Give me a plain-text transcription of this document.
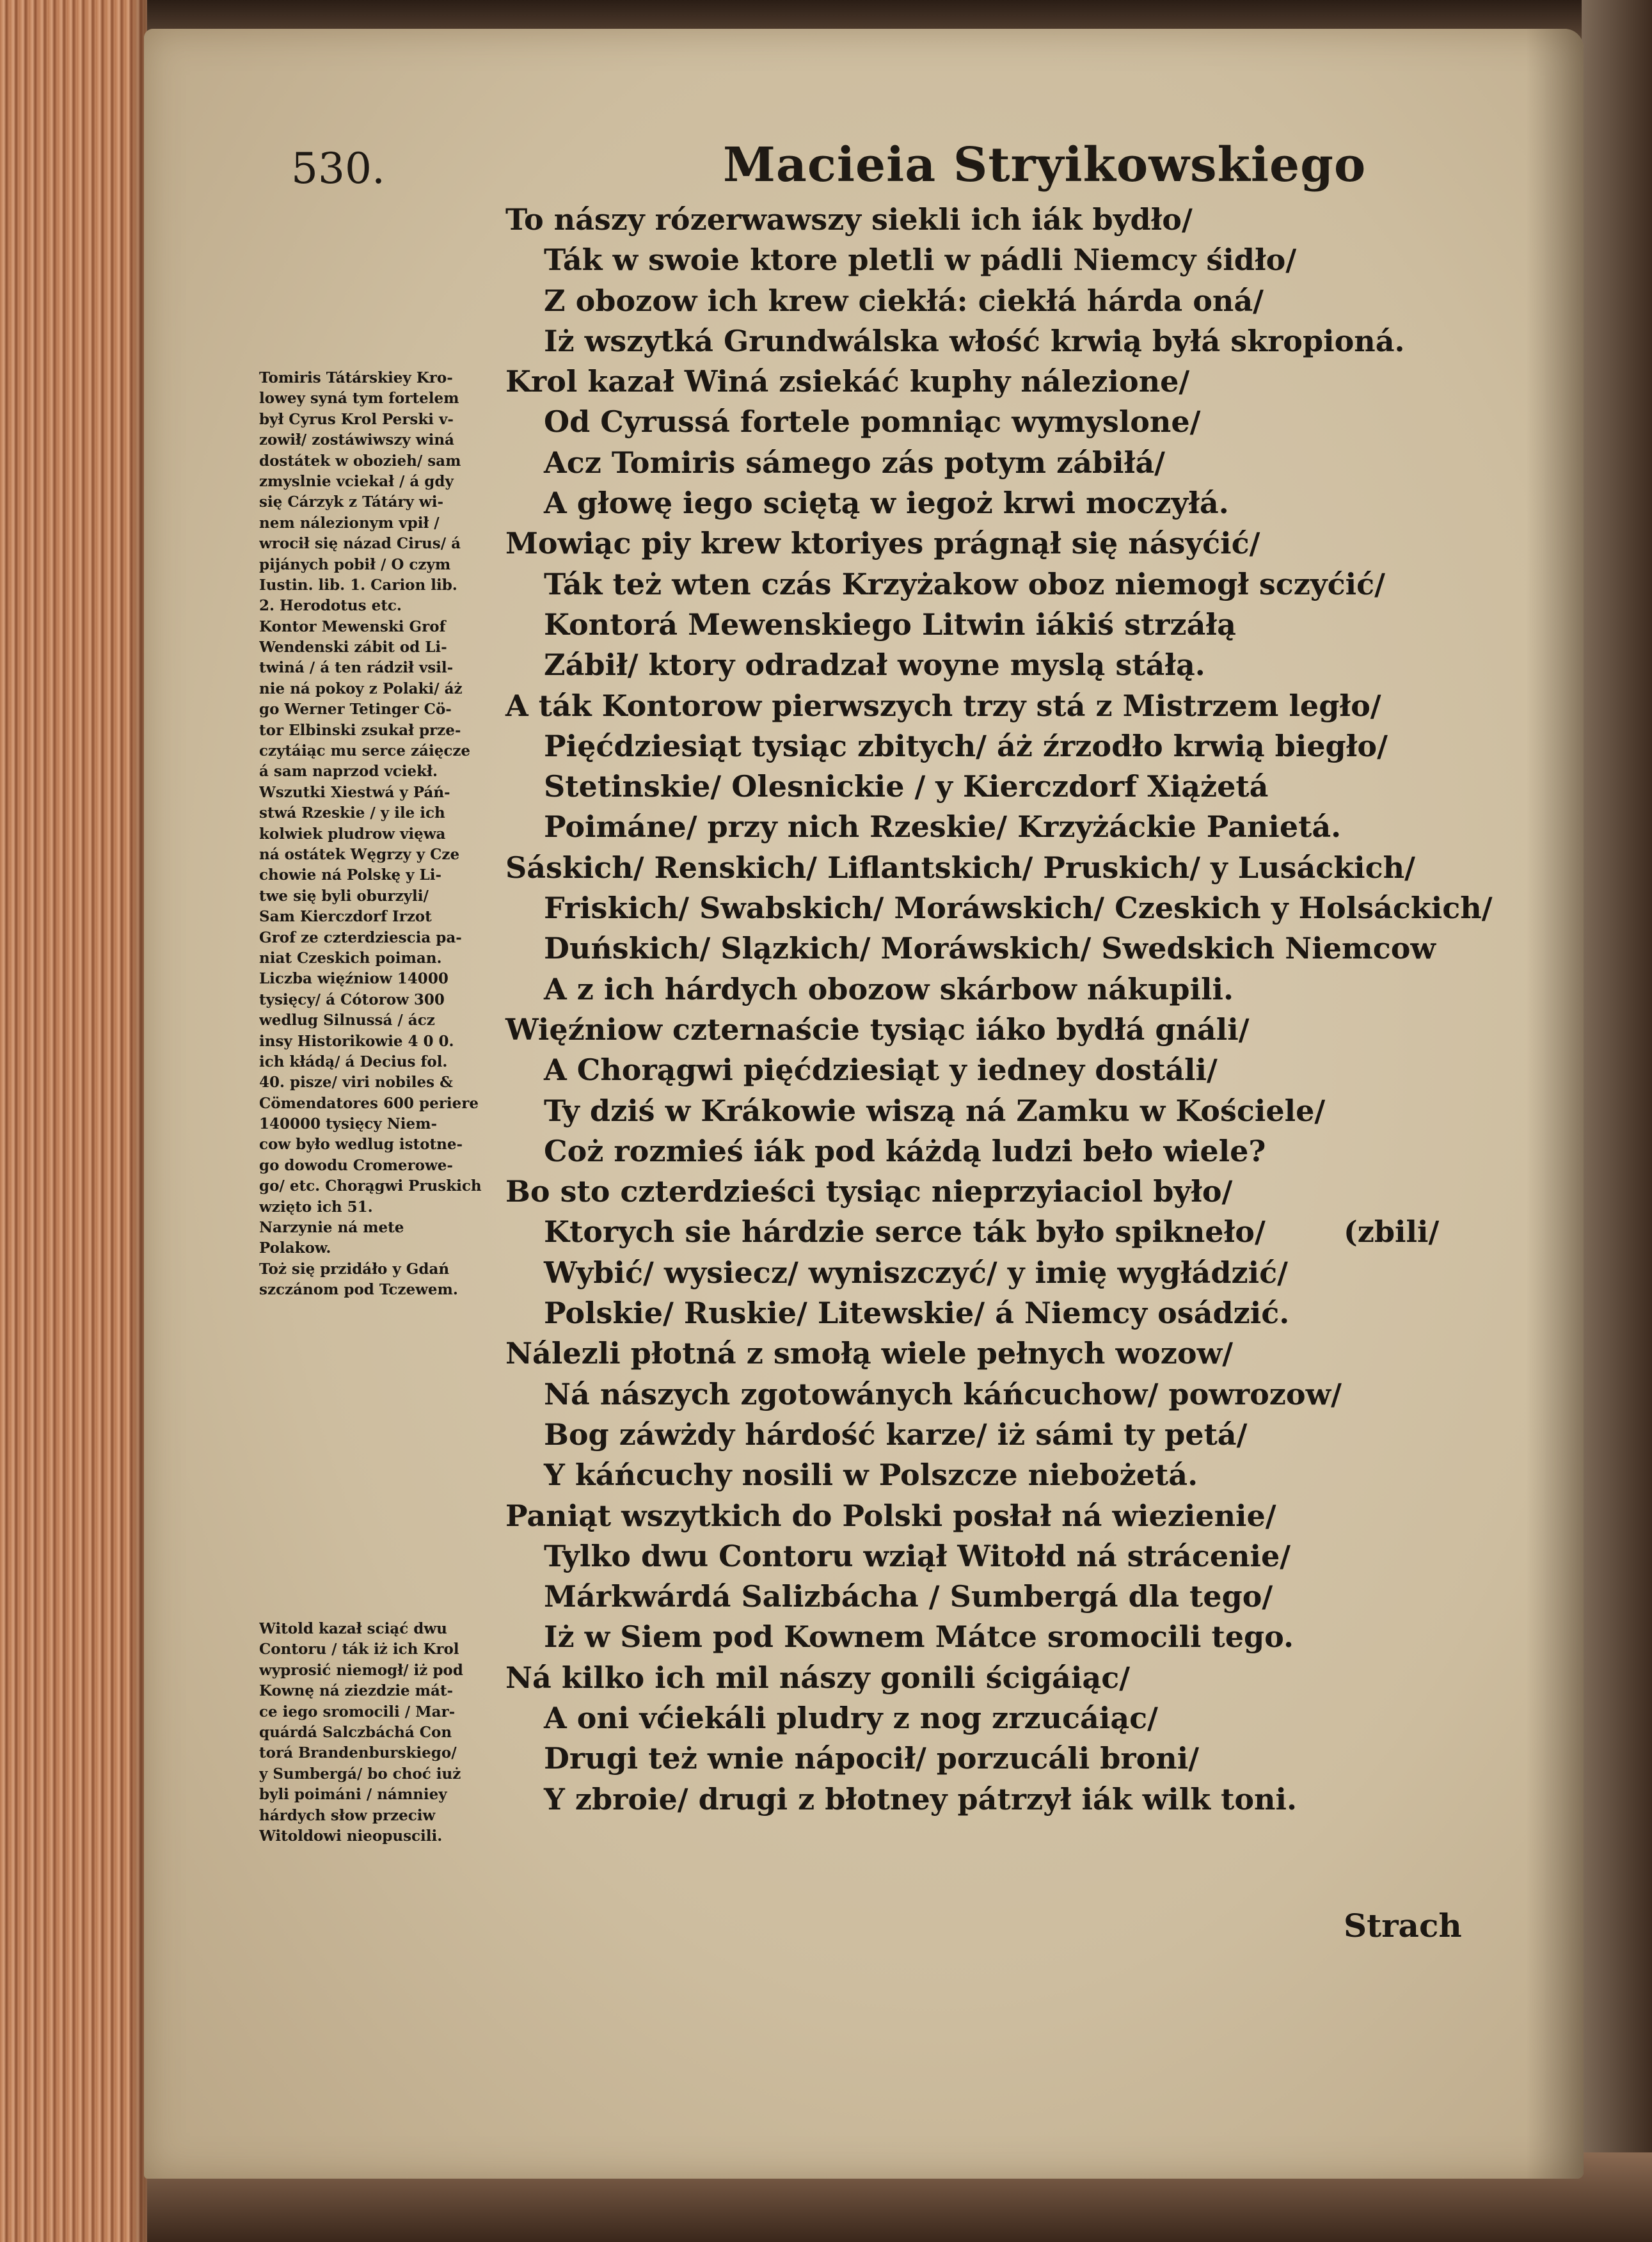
530.	Macieia Stryikowskiego
To nászy rózerwawszy siekli ich iák bydło/
Ták w swoie ktore pletli w pádli Niemcy śidło/
Z obozow ich krew ciekłá: ciekłá hárda oná/
Iż wszytká Grundwálska włość krwią byłá skropioná.
Krol kazał Winá zsiekáć kuphy nálezione/
Od Cyrussá fortele pomniąc wymyslone/
Acz Tomiris sámego zás potym zábiłá/
A głowę iego sciętą w iegoż krwi moczyłá.
Mowiąc piy krew ktoriyes prágnął się násyćić/
Ták też wten czás Krzyżakow oboz niemogł sczyćić/
Kontorá Mewenskiego Litwin iákiś strzáłą
Zábił/ ktory odradzał woyne myslą stáłą.
A ták Kontorow pierwszych trzy stá z Mistrzem legło/
Pięćdziesiąt tysiąc zbitych/ áż źrzodło krwią biegło/
Stetinskie/ Olesnickie / y Kierczdorf Xiążetá
Poimáne/ przy nich Rzeskie/ Krzyżáckie Panietá.
Sáskich/ Renskich/ Liflantskich/ Pruskich/ y Lusáckich/
Friskich/ Swabskich/ Moráwskich/ Czeskich y Holsáckich/
Duńskich/ Slązkich/ Moráwskich/ Swedskich Niemcow
A z ich hárdych obozow skárbow nákupili.
Więźniow czternaście tysiąc iáko bydłá gnáli/
A Chorągwi pięćdziesiąt y iedney dostáli/
Ty dziś w Krákowie wiszą ná Zamku w Kościele/
Coż rozmieś iák pod káżdą ludzi beło wiele?
Bo sto czterdzieści tysiąc nieprzyiaciol było/
Ktorych sie hárdzie serce ták było spikneło/
Wybić/ wysiecz/ wyniszczyć/ y imię wygłádzić/
Polskie/ Ruskie/ Litewskie/ á Niemcy osádzić.
Nálezli płotná z smołą wiele pełnych wozow/
Ná nászych zgotowánych káńcuchow/ powrozow/
Bog záwżdy hárdość karze/ iż sámi ty petá/
Y káńcuchy nosili w Polszcze niebożetá.
Paniąt wszytkich do Polski posłał ná wiezienie/
Tylko dwu Contoru wziął Witołd ná strácenie/
Márkwárdá Salizbácha / Sumbergá dla tego/
Iż w Siem pod Kownem Mátce sromocili tego.
Ná kilko ich mil nászy gonili ścigáiąc/
A oni vćiekáli pludry z nog zrzucáiąc/
Drugi też wnie nápocił/ porzucáli broni/
Y zbroie/ drugi z błotney pátrzył iák wilk toni.
(zbili/
Tomiris Tátárskiey Kro-
lowey syná tym fortelem
był Cyrus Krol Perski v-
zowił/ zostáwiwszy winá
dostátek w obozieh/ sam
zmyslnie vciekał / á gdy
się Cárzyk z Tátáry wi-
nem nálezionym vpił /
wrocił się názad Cirus/ á
pijánych pobił / O czym
Iustin. lib. 1. Carion lib.
2. Herodotus etc.
Kontor Mewenski Grof
Wendenski zábit od Li-
twiná / á ten rádził vsil-
nie ná pokoy z Polaki/ áż
go Werner Tetinger Cö-
tor Elbinski zsukał prze-
czytáiąc mu serce záięcze
á sam naprzod vciekł.
Wszutki Xiestwá y Páń-
stwá Rzeskie / y ile ich
kolwiek pludrow vięwa
ná ostátek Węgrzy y Cze
chowie ná Polskę y Li-
twe się byli oburzyli/
Sam Kierczdorf Irzot
Grof ze czterdziescia pa-
niat Czeskich poiman.
Liczba więźniow 14000
tysięcy/ á Cótorow 300
wedlug Silnussá / ácz
insy Historikowie 4 0 0.
ich kłádą/ á Decius fol.
40. pisze/ viri nobiles &
Cömendatores 600 periere
140000 tysięcy Niem-
cow było wedlug istotne-
go dowodu Cromerowe-
go/ etc. Chorągwi Pruskich
wzięto ich 51.
Narzynie ná mete
Polakow.
Toż się przidáło y Gdań
szczánom pod Tczewem.
Witold kazał sciąć dwu
Contoru / ták iż ich Krol
wyprosić niemogł/ iż pod
Kownę ná ziezdzie mát-
ce iego sromocili / Mar-
quárdá Salczbáchá Con
torá Brandenburskiego/
y Sumbergá/ bo choć iuż
byli poimáni / námniey
hárdych słow przeciw
Witoldowi nieopuscili.
Strach
